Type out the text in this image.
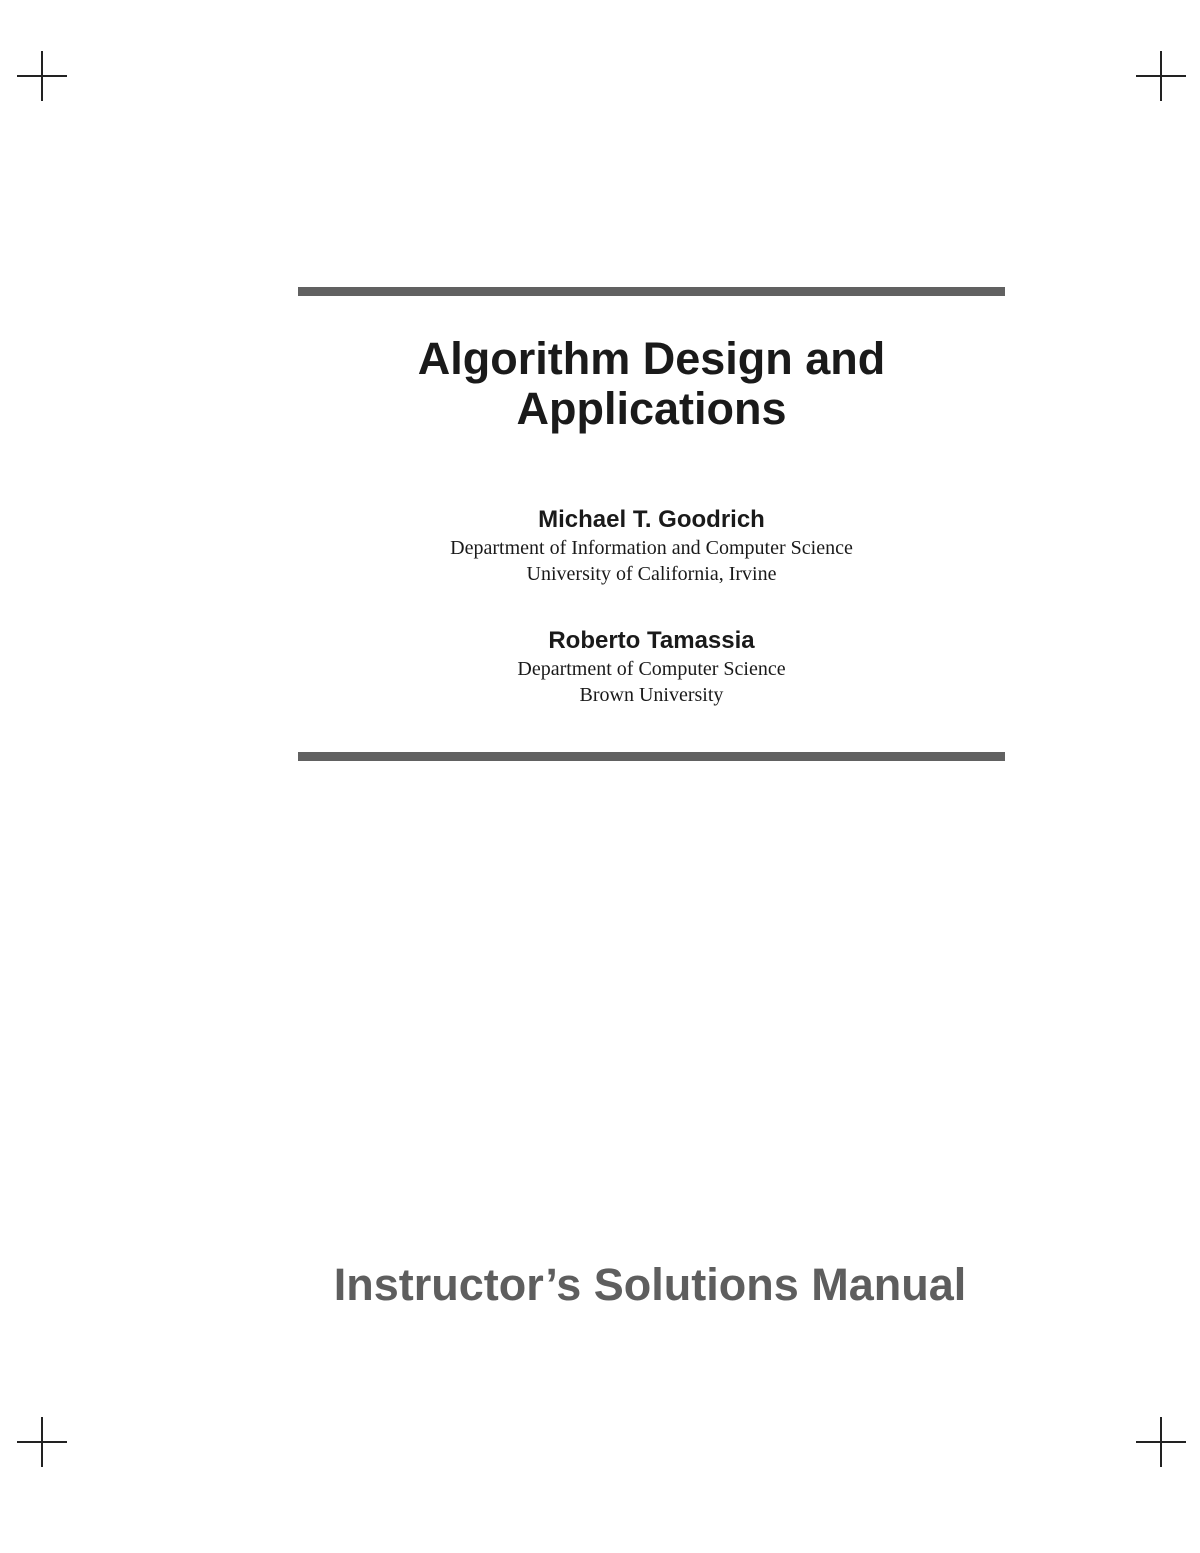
Algorithm Design and
Applications
Michael T. Goodrich
Department of Information and Computer Science
University of California, Irvine
Roberto Tamassia
Department of Computer Science
Brown University
Instructor’s Solutions Manual
